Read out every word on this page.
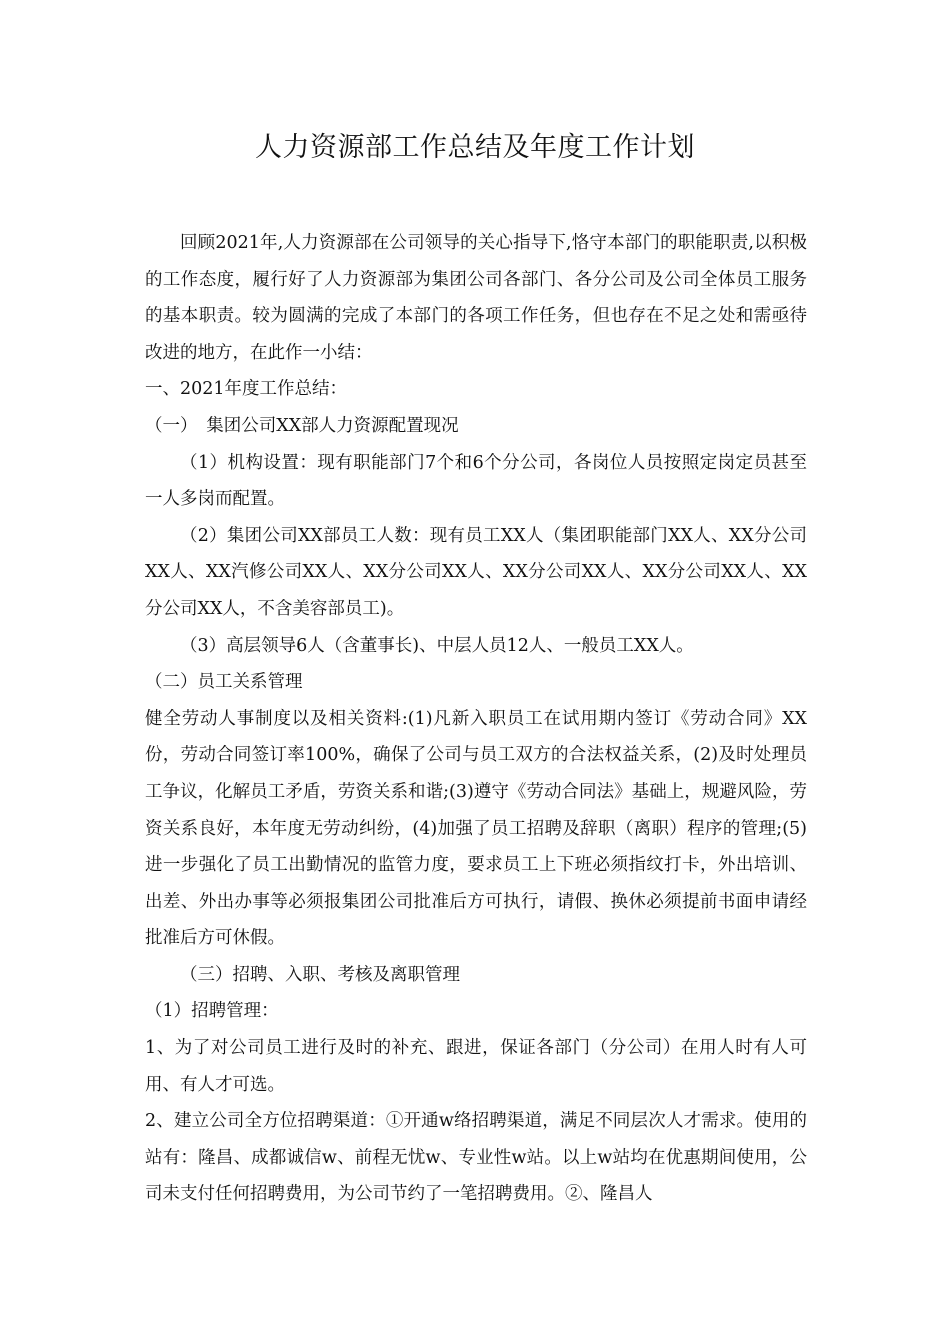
人力资源部工作总结及年度工作计划

回顾2021年,人力资源部在公司领导的关心指导下,恪守本部门的职能职责,以积极的工作态度，履行好了人力资源部为集团公司各部门、各分公司及公司全体员工服务的基本职责。较为圆满的完成了本部门的各项工作任务，但也存在不足之处和需亟待改进的地方，在此作一小结：

一、2021年度工作总结：

（一）　集团公司XX部人力资源配置现况

（1）机构设置：现有职能部门7个和6个分公司，各岗位人员按照定岗定员甚至一人多岗而配置。

（2）集团公司XX部员工人数：现有员工XX人（集团职能部门XX人、XX分公司XX人、XX汽修公司XX人、XX分公司XX人、XX分公司XX人、XX分公司XX人、XX分公司XX人，不含美容部员工)。

（3）高层领导6人（含董事长)、中层人员12人、一般员工XX人。

（二）员工关系管理

健全劳动人事制度以及相关资料:(1)凡新入职员工在试用期内签订《劳动合同》XX份，劳动合同签订率100%，确保了公司与员工双方的合法权益关系，(2)及时处理员工争议，化解员工矛盾，劳资关系和谐;(3)遵守《劳动合同法》基础上，规避风险，劳资关系良好，本年度无劳动纠纷，(4)加强了员工招聘及辞职（离职）程序的管理;(5)进一步强化了员工出勤情况的监管力度，要求员工上下班必须指纹打卡，外出培训、出差、外出办事等必须报集团公司批准后方可执行，请假、换休必须提前书面申请经批准后方可休假。

（三）招聘、入职、考核及离职管理

（1）招聘管理：

1、为了对公司员工进行及时的补充、跟进，保证各部门（分公司）在用人时有人可用、有人才可选。

2、建立公司全方位招聘渠道：①开通w络招聘渠道，满足不同层次人才需求。使用的站有：隆昌、成都诚信w、前程无忧w、专业性w站。以上w站均在优惠期间使用，公司未支付任何招聘费用，为公司节约了一笔招聘费用。②、隆昌人
